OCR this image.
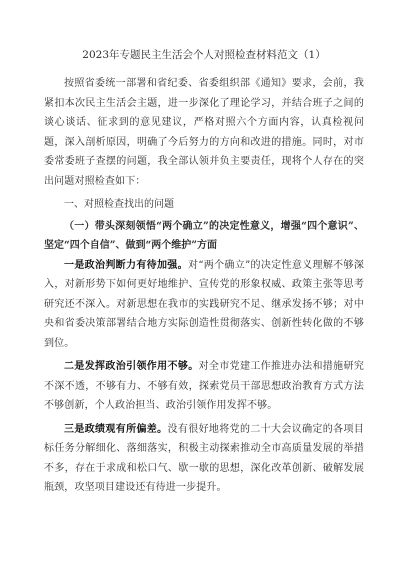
2023年专题民主生活会个人对照检查材料范文（1）

按照省委统一部署和省纪委、省委组织部《通知》要求，会前，我紧扣本次民主生活会主题，进一步深化了理论学习，并结合班子之间的谈心谈话、征求到的意见建议，严格对照六个方面内容，认真检视问题，深入剖析原因，明确了今后努力的方向和改进的措施。同时，对市委常委班子查摆的问题，我全部认领并负主要责任，现将个人存在的突出问题对照检查如下：

一、对照检查找出的问题

（一）带头深刻领悟“两个确立”的决定性意义，增强“四个意识”、坚定“四个自信”、做到“两个维护”方面

一是政治判断力有待加强。对“两个确立”的决定性意义理解不够深入，对新形势下如何更好地维护、宣传党的形象权威、政策主张等思考研究还不深入。对新思想在我市的实践研究不足、继承发扬不够；对中央和省委决策部署结合地方实际创造性贯彻落实、创新性转化做的不够到位。

二是发挥政治引领作用不够。对全市党建工作推进办法和措施研究不深不透，不够有力、不够有效，探索党员干部思想政治教育方式方法不够创新，个人政治担当、政治引领作用发挥不够。

三是政绩观有所偏差。没有很好地将党的二十大会议确定的各项目标任务分解细化、落细落实，积极主动探索推动全市高质量发展的举措不多，存在于求成和松口气、歇一歇的思想，深化改革创新、破解发展瓶颈，攻坚项目建设还有待进一步提升。
